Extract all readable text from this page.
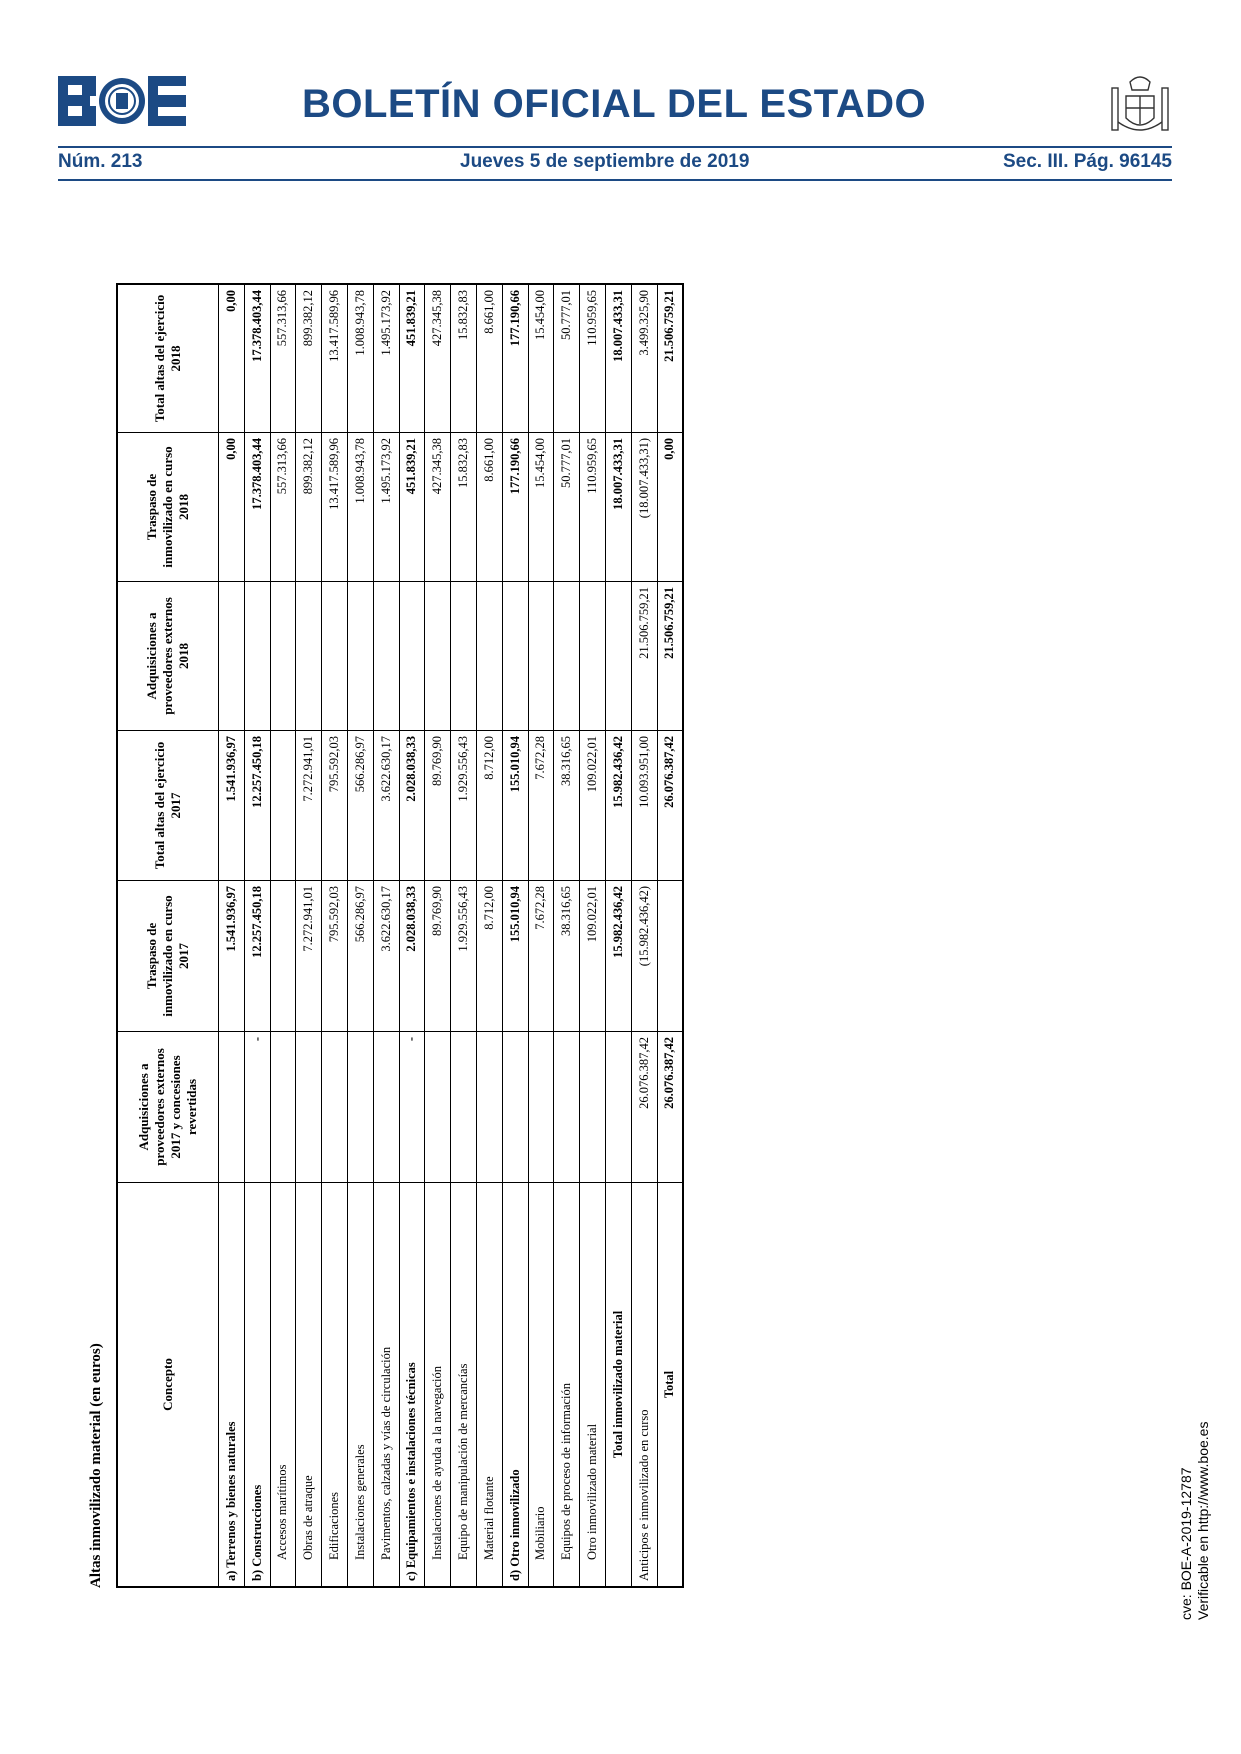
BOLETÍN OFICIAL DEL ESTADO
Núm. 213	Jueves 5 de septiembre de 2019	Sec. III. Pág. 96145
Altas inmovilizado material (en euros)	Concepto	Adquisiciones a proveedores externos 2017 y concesiones revertidas	Traspaso de inmovilizado en curso 2017	Total altas del ejercicio 2017	Adquisiciones a proveedores externos 2018	Traspaso de inmovilizado en curso 2018	Total altas del ejercicio 2018
a) Terrenos y bienes naturales		1.541.936,97	1.541.936,97		0,00	0,00
b) Construcciones	-	12.257.450,18	12.257.450,18		17.378.403,44	17.378.403,44
Accesos marítimos					557.313,66	557.313,66
Obras de atraque		7.272.941,01	7.272.941,01		899.382,12	899.382,12
Edificaciones		795.592,03	795.592,03		13.417.589,96	13.417.589,96
Instalaciones generales		566.286,97	566.286,97		1.008.943,78	1.008.943,78
Pavimentos, calzadas y vías de circulación		3.622.630,17	3.622.630,17		1.495.173,92	1.495.173,92
c) Equipamientos e instalaciones técnicas	-	2.028.038,33	2.028.038,33		451.839,21	451.839,21
Instalaciones de ayuda a la navegación		89.769,90	89.769,90		427.345,38	427.345,38
Equipo de manipulación de mercancías		1.929.556,43	1.929.556,43		15.832,83	15.832,83
Material flotante		8.712,00	8.712,00		8.661,00	8.661,00
d) Otro inmovilizado		155.010,94	155.010,94		177.190,66	177.190,66
Mobiliario		7.672,28	7.672,28		15.454,00	15.454,00
Equipos de proceso de información		38.316,65	38.316,65		50.777,01	50.777,01
Otro inmovilizado material		109.022,01	109.022,01		110.959,65	110.959,65
Total inmovilizado material		15.982.436,42	15.982.436,42		18.007.433,31	18.007.433,31
Anticipos e inmovilizado en curso	26.076.387,42	(15.982.436,42)	10.093.951,00	21.506.759,21	(18.007.433,31)	3.499.325,90
Total	26.076.387,42		26.076.387,42	21.506.759,21	0,00	21.506.759,21
cve: BOE-A-2019-12787 Verificable en http://www.boe.es
